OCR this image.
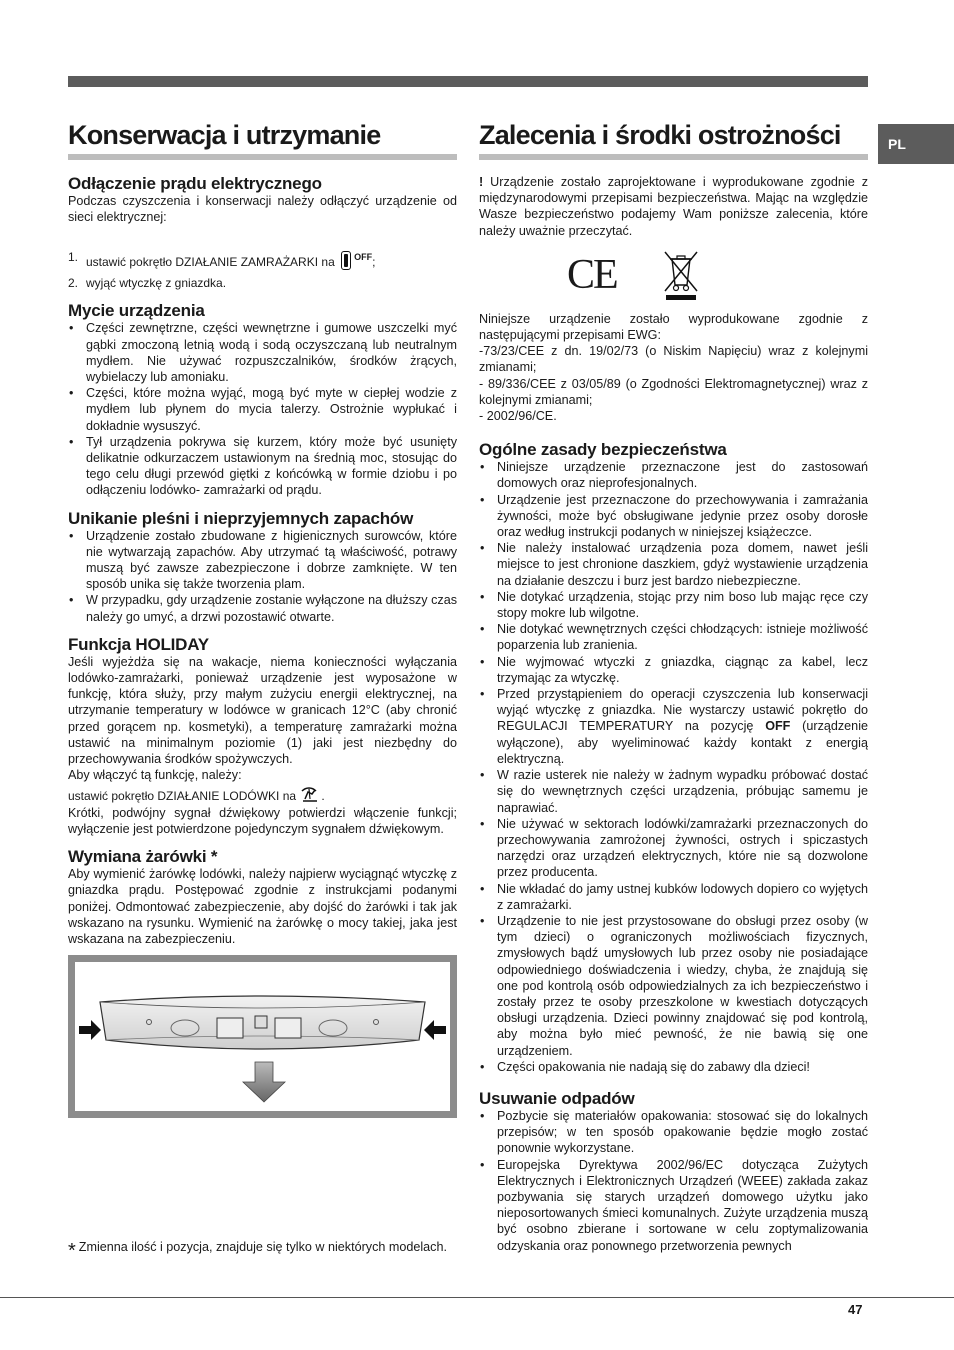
PL
Konserwacja i utrzymanie
Odłączenie prądu elektrycznego

Podczas czyszczenia i konserwacji należy odłączyć urządzenie od sieci elektrycznej:

1. ustawić pokrętło DZIAŁANIE ZAMRAŻARKI na $^{OFF}$;
2. wyjąć wtyczkę z gniazdka.
Mycie urządzenia
• Części zewnętrzne, części wewnętrzne i gumowe uszczelki myć gąbki zmoczoną letnią wodą i sodą oczyszczaną lub neutralnym mydłem. Nie używać rozpuszczalników, środków żrących, wybielaczy lub amoniaku.
• Części, które można wyjąć, mogą być myte w ciepłej wodzie z mydłem lub płynem do mycia talerzy. Ostrożnie wypłukać i dokładnie wysuszyć.
• Tył urządzenia pokrywa się kurzem, który może być usunięty delikatnie odkurzaczem ustawionym na średnią moc, stosując do tego celu długi przewód giętki z końcówką w formie dziobu i po odłączeniu lodówko- zamrażarki od prądu.
Unikanie pleśni i nieprzyjemnych zapachów
• Urządzenie zostało zbudowane z higienicznych surowców, które nie wytwarzają zapachów. Aby utrzymać tą właściwość, potrawy muszą być zawsze zabezpieczone i dobrze zamknięte. W ten sposób unika się także tworzenia plam.
• W przypadku, gdy urządzenie zostanie wyłączone na dłuższy czas należy go umyć, a drzwi pozostawić otwarte.
Funkcja HOLIDAY

Jeśli wyjeżdża się na wakacje, niema konieczności wyłączania lodówko-zamrażarki, ponieważ urządzenie jest wyposażone w funkcję, która służy, przy małym zużyciu energii elektrycznej, na utrzymanie temperatury w lodówce w granicach 12°C (aby chronić przed gorącem np. kosmetyki), a temperaturę zamrażarki można ustawić na minimalnym poziomie (1) jaki jest niezbędny do przechowywania środków spożywczych.

Aby włączyć tą funkcję, należy:

ustawić pokrętło DZIAŁANIE LODÓWKI na .

Krótki, podwójny sygnał dźwiękowy potwierdzi włączenie funkcji; wyłączenie jest potwierdzone pojedynczym sygnałem dźwiękowym.

Wymiana żarówki *

Aby wymienić żarówkę lodówki, należy najpierw wyciągnąć wtyczkę z gniazdka prądu. Postępować zgodnie z instrukcjami podanymi poniżej. Odmontować zabezpieczenie, aby dojść do żarówki i tak jak wskazano na rysunku. Wymienić na żarówkę o mocy takiej, jaka jest wskazana na zabezpieczeniu.

* Zmienna ilość i pozycja, znajduje się tylko w niektórych modelach.
Zalecenia i środki ostrożności

! Urządzenie zostało zaprojektowane i wyprodukowane zgodnie z międzynarodowymi przepisami bezpieczeństwa. Mając na względzie Wasze bezpieczeństwo podajemy Wam poniższe zalecenia, które należy uważnie przeczytać.

CE

Niniejsze urządzenie zostało wyprodukowane zgodnie z następującymi przepisami EWG:

-73/23/CEE z dn. 19/02/73 (o Niskim Napięciu) wraz z kolejnymi zmianami;

- 89/336/CEE z 03/05/89 (o Zgodności Elektromagnetycznej) wraz z kolejnymi zmianami;

- 2002/96/CE.

Ogólne zasady bezpieczeństwa
• Niniejsze urządzenie przeznaczone jest do zastosowań domowych oraz nieprofesjonalnych.
• Urządzenie jest przeznaczone do przechowywania i zamrażania żywności, może być obsługiwane jedynie przez osoby dorosłe oraz według instrukcji podanych w niniejszej książeczce.
• Nie należy instalować urządzenia poza domem, nawet jeśli miejsce to jest chronione daszkiem, gdyż wystawienie urządzenia na działanie deszczu i burz jest bardzo niebezpieczne.
• Nie dotykać urządzenia, stojąc przy nim boso lub mając ręce czy stopy mokre lub wilgotne.
• Nie dotykać wewnętrznych części chłodzących: istnieje możliwość poparzenia lub zranienia.
• Nie wyjmować wtyczki z gniazdka, ciągnąc za kabel, lecz trzymając za wtyczkę.
• Przed przystąpieniem do operacji czyszczenia lub konserwacji wyjąć wtyczkę z gniazdka. Nie wystarczy ustawić pokrętło do REGULACJI TEMPERATURY na pozycję OFF (urządzenie wyłączone), aby wyeliminować każdy kontakt z energią elektryczną.
• W razie usterek nie należy w żadnym wypadku próbować dostać się do wewnętrznych części urządzenia, próbując samemu je naprawiać.
• Nie używać w sektorach lodówki/zamrażarki przeznaczonych do przechowywania zamrożonej żywności, ostrych i spiczastych narzędzi oraz urządzeń elektrycznych, które nie są dozwolone przez producenta.
• Nie wkładać do jamy ustnej kubków lodowych dopiero co wyjętych z zamrażarki.
• Urządzenie to nie jest przystosowane do obsługi przez osoby (w tym dzieci) o ograniczonych możliwościach fizycznych, zmysłowych bądź umysłowych lub przez osoby nie posiadające odpowiedniego doświadczenia i wiedzy, chyba, że znajdują się one pod kontrolą osób odpowiedzialnych za ich bezpieczeństwo i zostały przez te osoby przeszkolone w kwestiach dotyczących obsługi urządzenia. Dzieci powinny znajdować się pod kontrolą, aby można było mieć pewność, że nie bawią się one urządzeniem.
• Części opakowania nie nadają się do zabawy dla dzieci!
Usuwanie odpadów
• Pozbycie się materiałów opakowania: stosować się do lokalnych przepisów; w ten sposób opakowanie będzie mogło zostać ponownie wykorzystane.
• Europejska Dyrektywa 2002/96/EC dotycząca Zużytych Elektrycznych i Elektronicznych Urządzeń (WEEE) zakłada zakaz pozbywania się starych urządzeń domowego użytku jako nieposortowanych śmieci komunalnych. Zużyte urządzenia muszą być osobno zbierane i sortowane w celu zoptymalizowania odzyskania oraz ponownego przetworzenia pewnych
47
